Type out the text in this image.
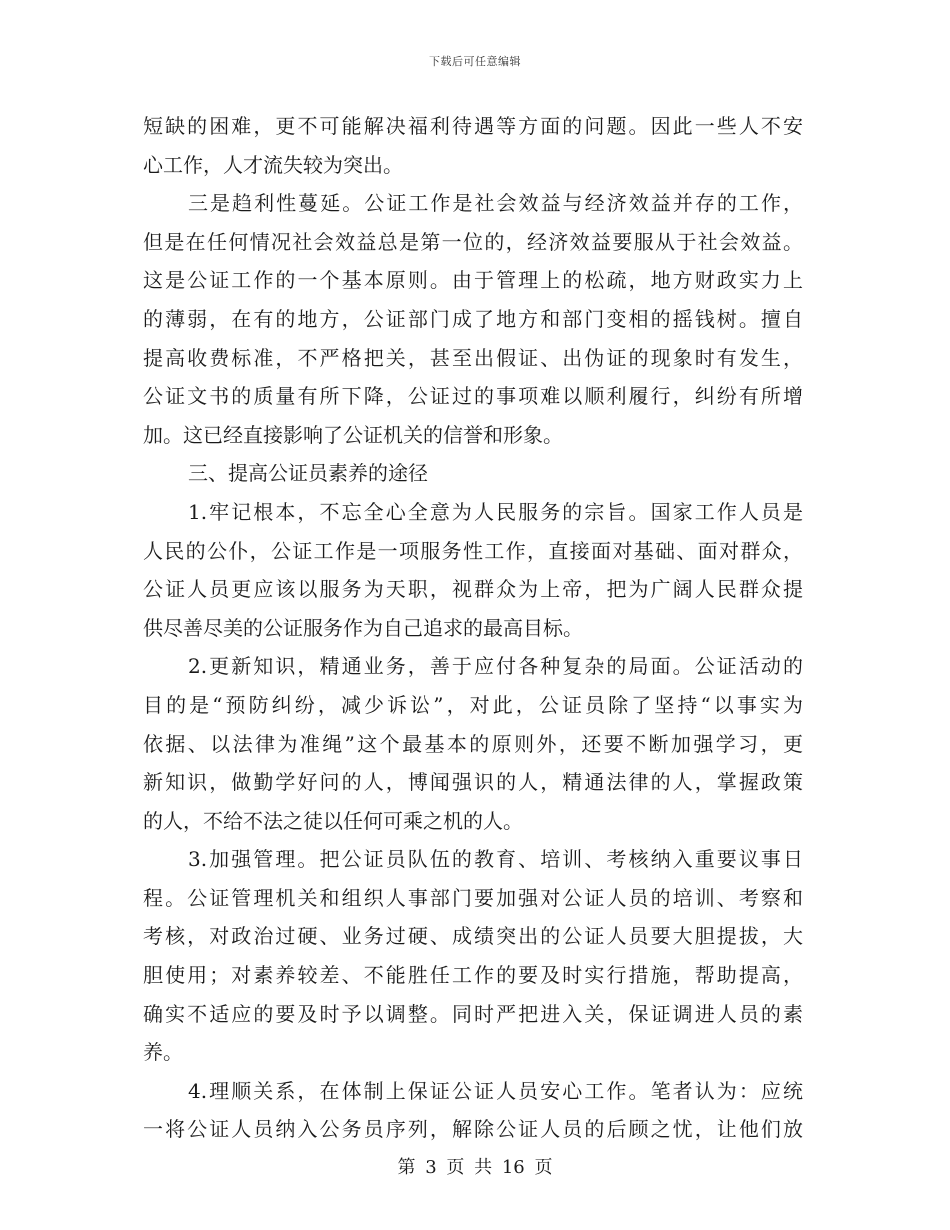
下载后可任意编辑
短缺的困难，更不可能解决福利待遇等方面的问题。因此一些人不安
心工作，人才流失较为突出。
三是趋利性蔓延。公证工作是社会效益与经济效益并存的工作，
但是在任何情况社会效益总是第一位的，经济效益要服从于社会效益。
这是公证工作的一个基本原则。由于管理上的松疏，地方财政实力上
的薄弱，在有的地方，公证部门成了地方和部门变相的摇钱树。擅自
提高收费标准，不严格把关，甚至出假证、出伪证的现象时有发生，
公证文书的质量有所下降，公证过的事项难以顺利履行，纠纷有所增
加。这已经直接影响了公证机关的信誉和形象。
三、提高公证员素养的途径
1.牢记根本，不忘全心全意为人民服务的宗旨。国家工作人员是
人民的公仆，公证工作是一项服务性工作，直接面对基础、面对群众，
公证人员更应该以服务为天职，视群众为上帝，把为广阔人民群众提
供尽善尽美的公证服务作为自己追求的最高目标。
2.更新知识，精通业务，善于应付各种复杂的局面。公证活动的
目的是“预防纠纷，减少诉讼”，对此，公证员除了坚持“以事实为
依据、以法律为准绳”这个最基本的原则外，还要不断加强学习，更
新知识，做勤学好问的人，博闻强识的人，精通法律的人，掌握政策
的人，不给不法之徒以任何可乘之机的人。
3.加强管理。把公证员队伍的教育、培训、考核纳入重要议事日
程。公证管理机关和组织人事部门要加强对公证人员的培训、考察和
考核，对政治过硬、业务过硬、成绩突出的公证人员要大胆提拔，大
胆使用；对素养较差、不能胜任工作的要及时实行措施，帮助提高，
确实不适应的要及时予以调整。同时严把进入关，保证调进人员的素
养。
4.理顺关系，在体制上保证公证人员安心工作。笔者认为：应统
一将公证人员纳入公务员序列，解除公证人员的后顾之忧，让他们放
第 3 页 共 16 页
